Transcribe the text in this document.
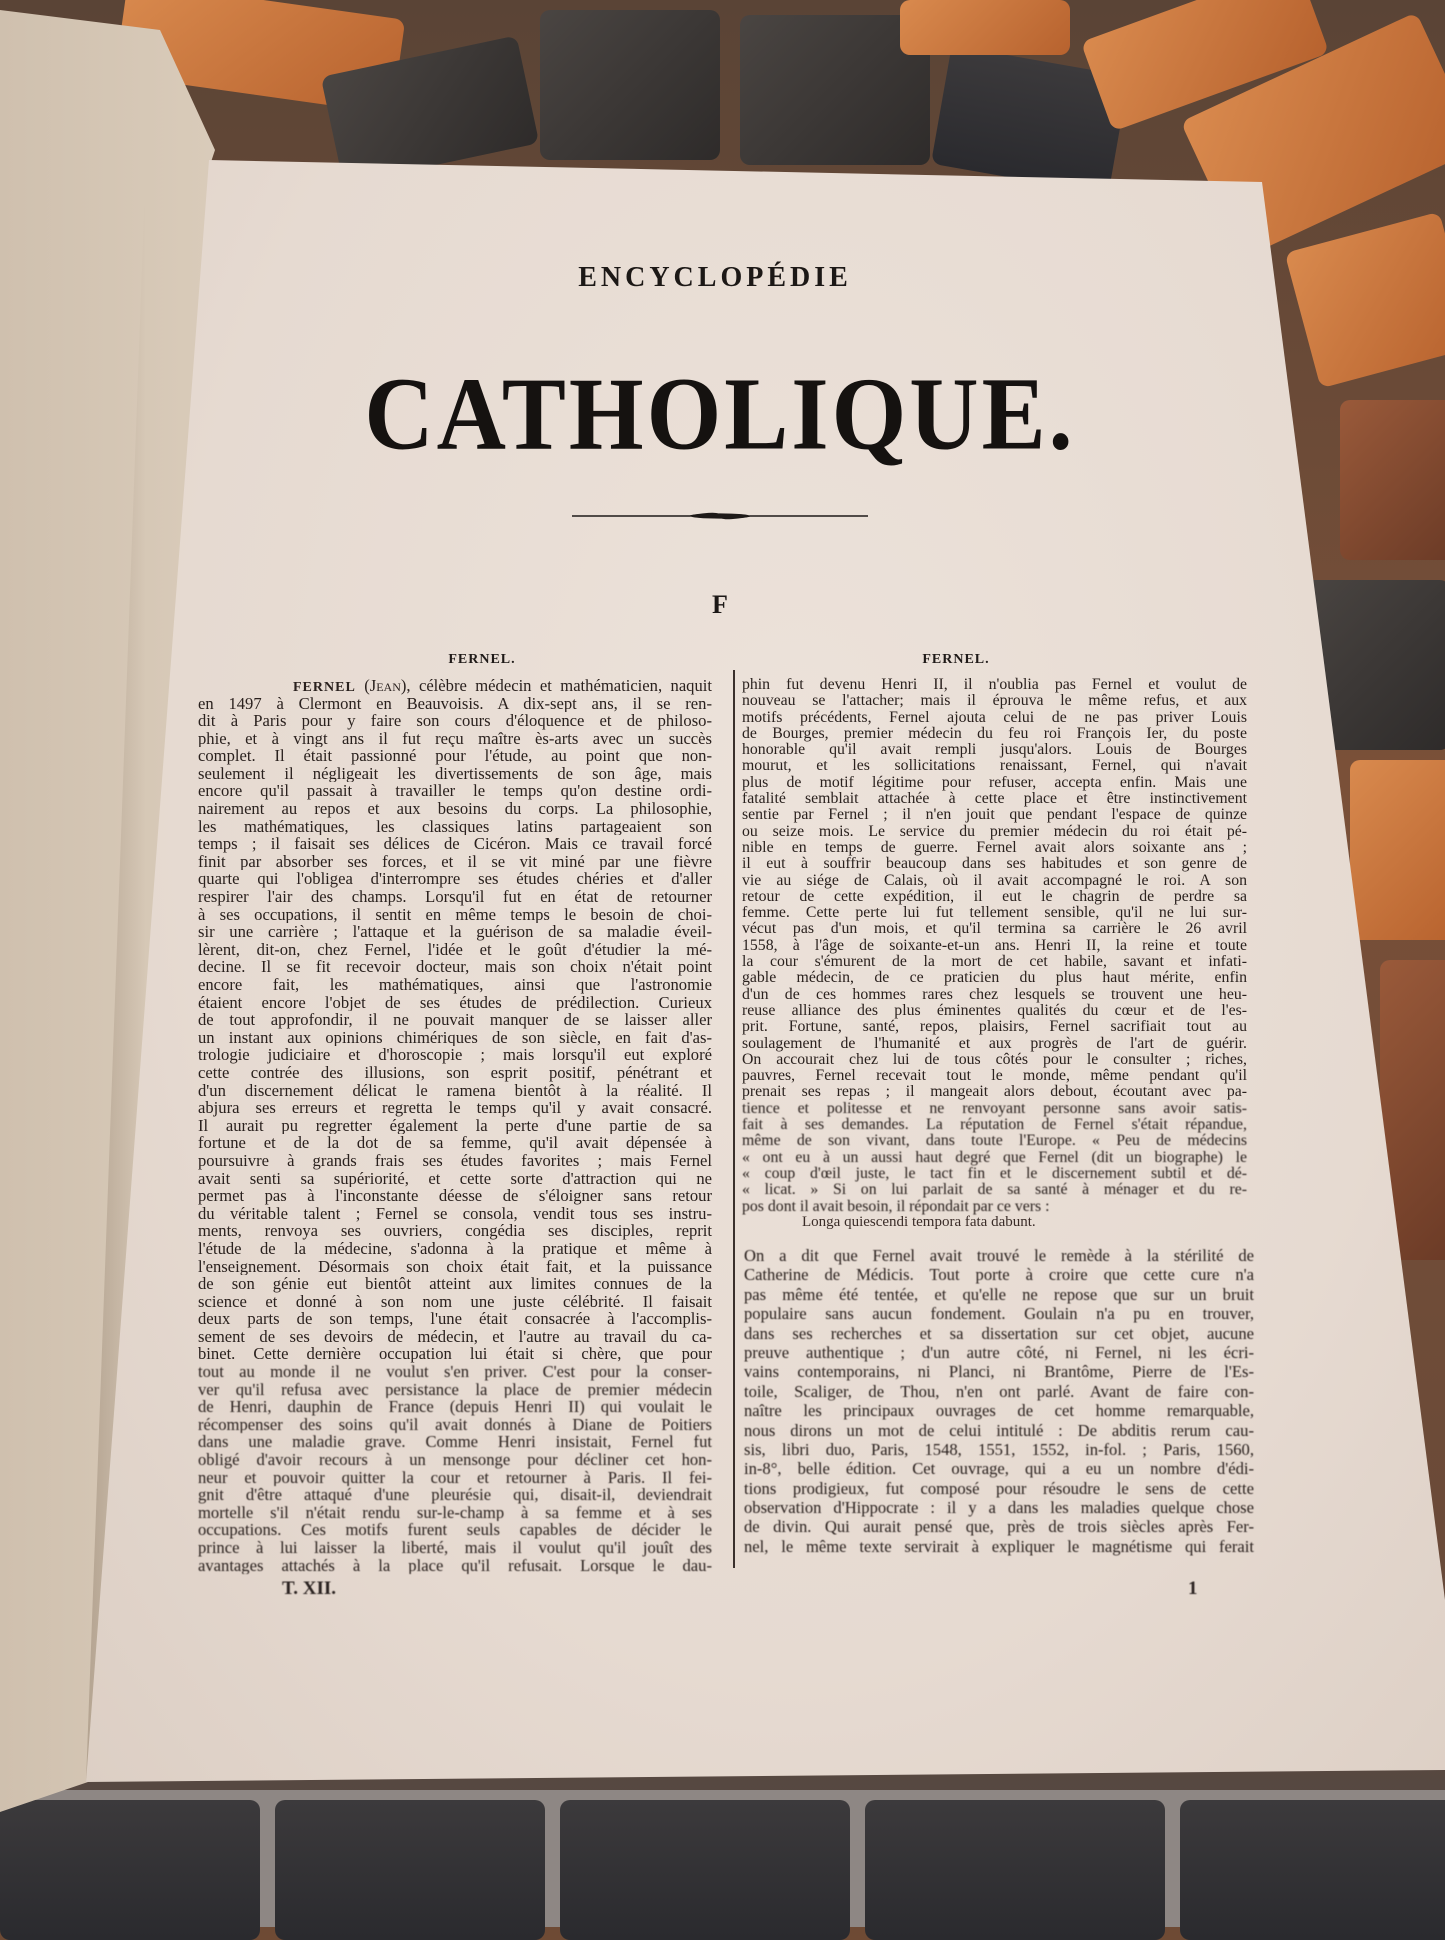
ENCYCLOPÉDIE
CATHOLIQUE.
F
FERNEL.	FERNEL.
FERNEL (Jean), célèbre médecin et mathématicien, naquit
en 1497 à Clermont en Beauvoisis. A dix-sept ans, il se ren-
dit à Paris pour y faire son cours d'éloquence et de philoso-
phie, et à vingt ans il fut reçu maître ès-arts avec un succès
complet. Il était passionné pour l'étude, au point que non-
seulement il négligeait les divertissements de son âge, mais
encore qu'il passait à travailler le temps qu'on destine ordi-
nairement au repos et aux besoins du corps. La philosophie,
les mathématiques, les classiques latins partageaient son
temps ; il faisait ses délices de Cicéron. Mais ce travail forcé
finit par absorber ses forces, et il se vit miné par une fièvre
quarte qui l'obligea d'interrompre ses études chéries et d'aller
respirer l'air des champs. Lorsqu'il fut en état de retourner
à ses occupations, il sentit en même temps le besoin de choi-
sir une carrière ; l'attaque et la guérison de sa maladie éveil-
lèrent, dit-on, chez Fernel, l'idée et le goût d'étudier la mé-
decine. Il se fit recevoir docteur, mais son choix n'était point
encore fait, les mathématiques, ainsi que l'astronomie
étaient encore l'objet de ses études de prédilection. Curieux
de tout approfondir, il ne pouvait manquer de se laisser aller
un instant aux opinions chimériques de son siècle, en fait d'as-
trologie judiciaire et d'horoscopie ; mais lorsqu'il eut exploré
cette contrée des illusions, son esprit positif, pénétrant et
d'un discernement délicat le ramena bientôt à la réalité. Il
abjura ses erreurs et regretta le temps qu'il y avait consacré.
Il aurait pu regretter également la perte d'une partie de sa
fortune et de la dot de sa femme, qu'il avait dépensée à
poursuivre à grands frais ses études favorites ; mais Fernel
avait senti sa supériorité, et cette sorte d'attraction qui ne
permet pas à l'inconstante déesse de s'éloigner sans retour
du véritable talent ; Fernel se consola, vendit tous ses instru-
ments, renvoya ses ouvriers, congédia ses disciples, reprit
l'étude de la médecine, s'adonna à la pratique et même à
l'enseignement. Désormais son choix était fait, et la puissance
de son génie eut bientôt atteint aux limites connues de la
science et donné à son nom une juste célébrité. Il faisait
deux parts de son temps, l'une était consacrée à l'accomplis-
sement de ses devoirs de médecin, et l'autre au travail du ca-
binet. Cette dernière occupation lui était si chère, que pour
tout au monde il ne voulut s'en priver. C'est pour la conser-
ver qu'il refusa avec persistance la place de premier médecin
de Henri, dauphin de France (depuis Henri II) qui voulait le
récompenser des soins qu'il avait donnés à Diane de Poitiers
dans une maladie grave. Comme Henri insistait, Fernel fut
obligé d'avoir recours à un mensonge pour décliner cet hon-
neur et pouvoir quitter la cour et retourner à Paris. Il fei-
gnit d'être attaqué d'une pleurésie qui, disait-il, deviendrait
mortelle s'il n'était rendu sur-le-champ à sa femme et à ses
occupations. Ces motifs furent seuls capables de décider le
prince à lui laisser la liberté, mais il voulut qu'il jouît des
avantages attachés à la place qu'il refusait. Lorsque le dau-
phin fut devenu Henri II, il n'oublia pas Fernel et voulut de
nouveau se l'attacher; mais il éprouva le même refus, et aux
motifs précédents, Fernel ajouta celui de ne pas priver Louis
de Bourges, premier médecin du feu roi François Ier, du poste
honorable qu'il avait rempli jusqu'alors. Louis de Bourges
mourut, et les sollicitations renaissant, Fernel, qui n'avait
plus de motif légitime pour refuser, accepta enfin. Mais une
fatalité semblait attachée à cette place et être instinctivement
sentie par Fernel ; il n'en jouit que pendant l'espace de quinze
ou seize mois. Le service du premier médecin du roi était pé-
nible en temps de guerre. Fernel avait alors soixante ans ;
il eut à souffrir beaucoup dans ses habitudes et son genre de
vie au siége de Calais, où il avait accompagné le roi. A son
retour de cette expédition, il eut le chagrin de perdre sa
femme. Cette perte lui fut tellement sensible, qu'il ne lui sur-
vécut pas d'un mois, et qu'il termina sa carrière le 26 avril
1558, à l'âge de soixante-et-un ans. Henri II, la reine et toute
la cour s'émurent de la mort de cet habile, savant et infati-
gable médecin, de ce praticien du plus haut mérite, enfin
d'un de ces hommes rares chez lesquels se trouvent une heu-
reuse alliance des plus éminentes qualités du cœur et de l'es-
prit. Fortune, santé, repos, plaisirs, Fernel sacrifiait tout au
soulagement de l'humanité et aux progrès de l'art de guérir.
On accourait chez lui de tous côtés pour le consulter ; riches,
pauvres, Fernel recevait tout le monde, même pendant qu'il
prenait ses repas ; il mangeait alors debout, écoutant avec pa-
tience et politesse et ne renvoyant personne sans avoir satis-
fait à ses demandes. La réputation de Fernel s'était répandue,
même de son vivant, dans toute l'Europe. « Peu de médecins
« ont eu à un aussi haut degré que Fernel (dit un biographe) le
« coup d'œil juste, le tact fin et le discernement subtil et dé-
« licat. » Si on lui parlait de sa santé à ménager et du re-
pos dont il avait besoin, il répondait par ce vers :
Longa quiescendi tempora fata dabunt.
On a dit que Fernel avait trouvé le remède à la stérilité de
Catherine de Médicis. Tout porte à croire que cette cure n'a
pas même été tentée, et qu'elle ne repose que sur un bruit
populaire sans aucun fondement. Goulain n'a pu en trouver,
dans ses recherches et sa dissertation sur cet objet, aucune
preuve authentique ; d'un autre côté, ni Fernel, ni les écri-
vains contemporains, ni Planci, ni Brantôme, Pierre de l'Es-
toile, Scaliger, de Thou, n'en ont parlé. Avant de faire con-
naître les principaux ouvrages de cet homme remarquable,
nous dirons un mot de celui intitulé : De abditis rerum cau-
sis, libri duo, Paris, 1548, 1551, 1552, in-fol. ; Paris, 1560,
in-8°, belle édition. Cet ouvrage, qui a eu un nombre d'édi-
tions prodigieux, fut composé pour résoudre le sens de cette
observation d'Hippocrate : il y a dans les maladies quelque chose
de divin. Qui aurait pensé que, près de trois siècles après Fer-
nel, le même texte servirait à expliquer le magnétisme qui ferait
T. XII.	1
